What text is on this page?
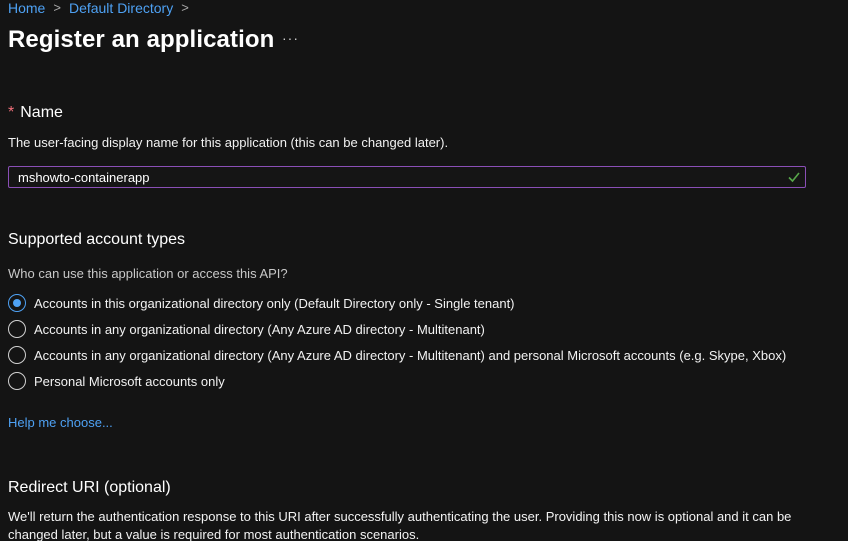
Home > Default Directory >
Register an application ···
* Name
The user-facing display name for this application (this can be changed later).
mshowto-containerapp
Supported account types
Who can use this application or access this API?
Accounts in this organizational directory only (Default Directory only - Single tenant)
Accounts in any organizational directory (Any Azure AD directory - Multitenant)
Accounts in any organizational directory (Any Azure AD directory - Multitenant) and personal Microsoft accounts (e.g. Skype, Xbox)
Personal Microsoft accounts only
Help me choose...
Redirect URI (optional)
We'll return the authentication response to this URI after successfully authenticating the user. Providing this now is optional and it can be changed later, but a value is required for most authentication scenarios.
